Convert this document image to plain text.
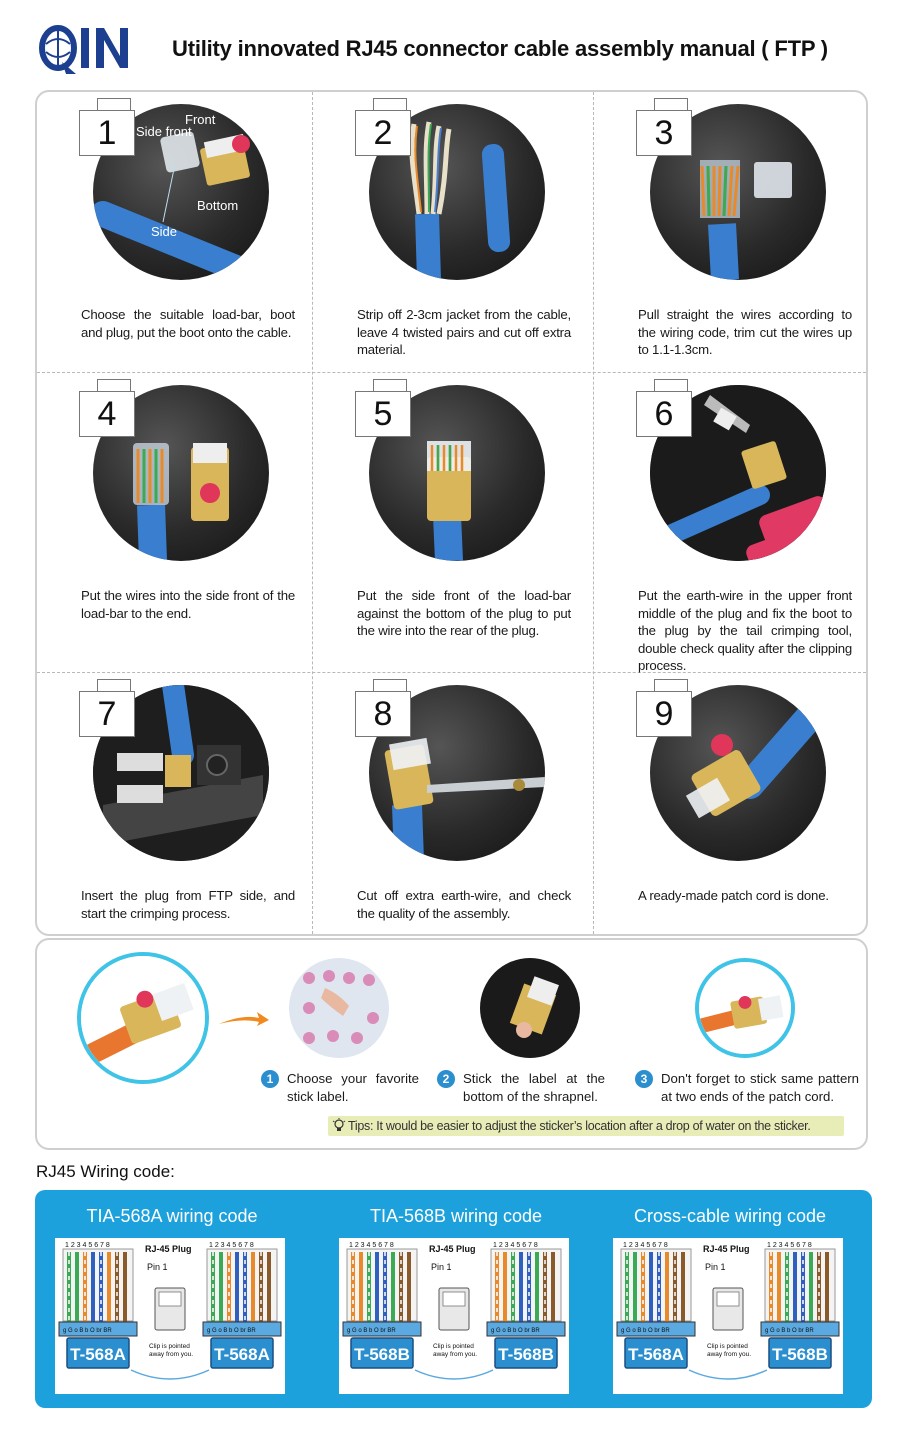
Utility innovated RJ45 connector cable assembly manual ( FTP )
Side front
Front
Bottom
Side
1
Choose the suitable load-bar, boot and plug, put the boot onto the cable.
2
Strip off 2-3cm jacket from the cable, leave 4 twisted pairs and cut off extra material.
3
Pull straight the wires according to the wiring code, trim cut the wires up to 1.1-1.3cm.
4
Put the wires into the side front of the load-bar to the end.
5
Put the side front of the load-bar against the bottom of the plug to put the wire into the rear of the plug.
6
Put the earth-wire in the upper front middle of the plug and fix the boot to the plug by the tail crimping tool, double check quality after the clipping process.
7
Insert the plug from FTP side, and start the crimping process.
8
Cut off extra earth-wire, and check the quality of the assembly.
9
A ready-made patch cord is done.
1	Choose your favorite stick label.
2	Stick the label at the bottom of the shrapnel.
3	Don't forget to stick same pattern at two ends of the patch cord.
Tips: It would be easier to adjust the sticker’s location after a drop of water on the sticker.
RJ45 Wiring code:
TIA-568A wiring code
1 2 3 4 5 6 7 8
g G o B b O br BR
T-568A
1 2 3 4 5 6 7 8
g G o B b O br BR
T-568A
RJ-45 Plug
Pin 1
Clip is pointed
away from you.
TIA-568B wiring code
1 2 3 4 5 6 7 8
g G o B b O br BR
T-568B
1 2 3 4 5 6 7 8
g G o B b O br BR
T-568B
RJ-45 Plug
Pin 1
Clip is pointed
away from you.
Cross-cable wiring code
1 2 3 4 5 6 7 8
g G o B b O br BR
T-568A
1 2 3 4 5 6 7 8
g G o B b O br BR
T-568B
RJ-45 Plug
Pin 1
Clip is pointed
away from you.
